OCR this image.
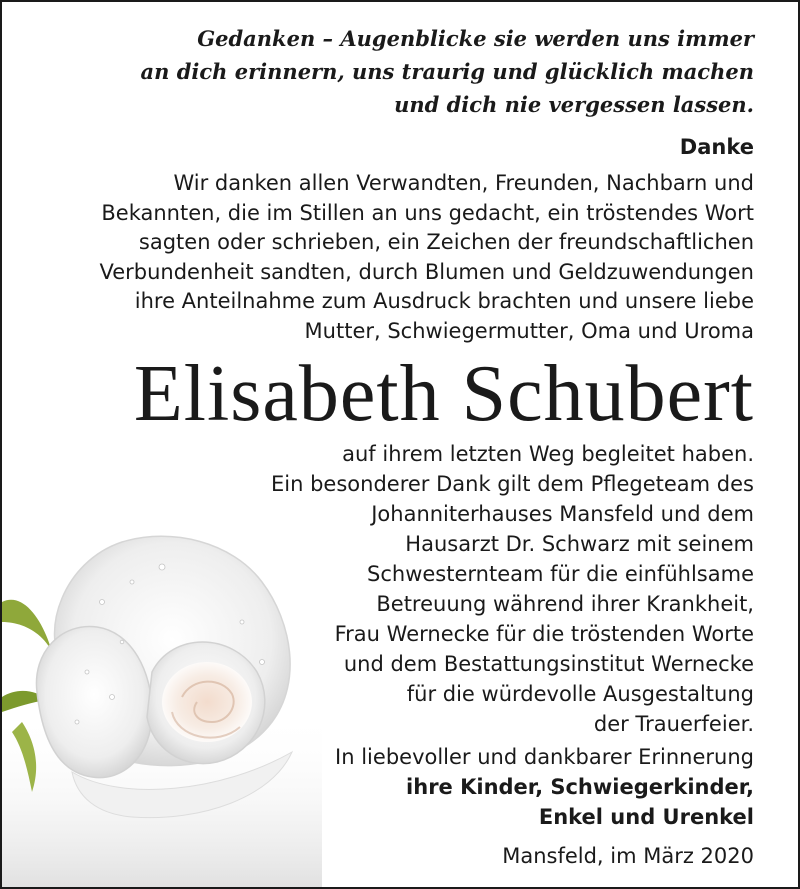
Gedanken – Augenblicke sie werden uns immer
an dich erinnern, uns traurig und glücklich machen
und dich nie vergessen lassen.
Danke
Wir danken allen Verwandten, Freunden, Nachbarn und
Bekannten, die im Stillen an uns gedacht, ein tröstendes Wort
sagten oder schrieben, ein Zeichen der freundschaftlichen
Verbundenheit sandten, durch Blumen und Geldzuwendungen
ihre Anteilnahme zum Ausdruck brachten und unsere liebe
Mutter, Schwiegermutter, Oma und Uroma
Elisabeth Schubert
auf ihrem letzten Weg begleitet haben.
Ein besonderer Dank gilt dem Pflegeteam des
Johanniterhauses Mansfeld und dem
Hausarzt Dr. Schwarz mit seinem
Schwesternteam für die einfühlsame
Betreuung während ihrer Krankheit,
Frau Wernecke für die tröstenden Worte
und dem Bestattungsinstitut Wernecke
für die würdevolle Ausgestaltung
der Trauerfeier.
In liebevoller und dankbarer Erinnerung
ihre Kinder, Schwiegerkinder,
Enkel und Urenkel
Mansfeld, im März 2020
